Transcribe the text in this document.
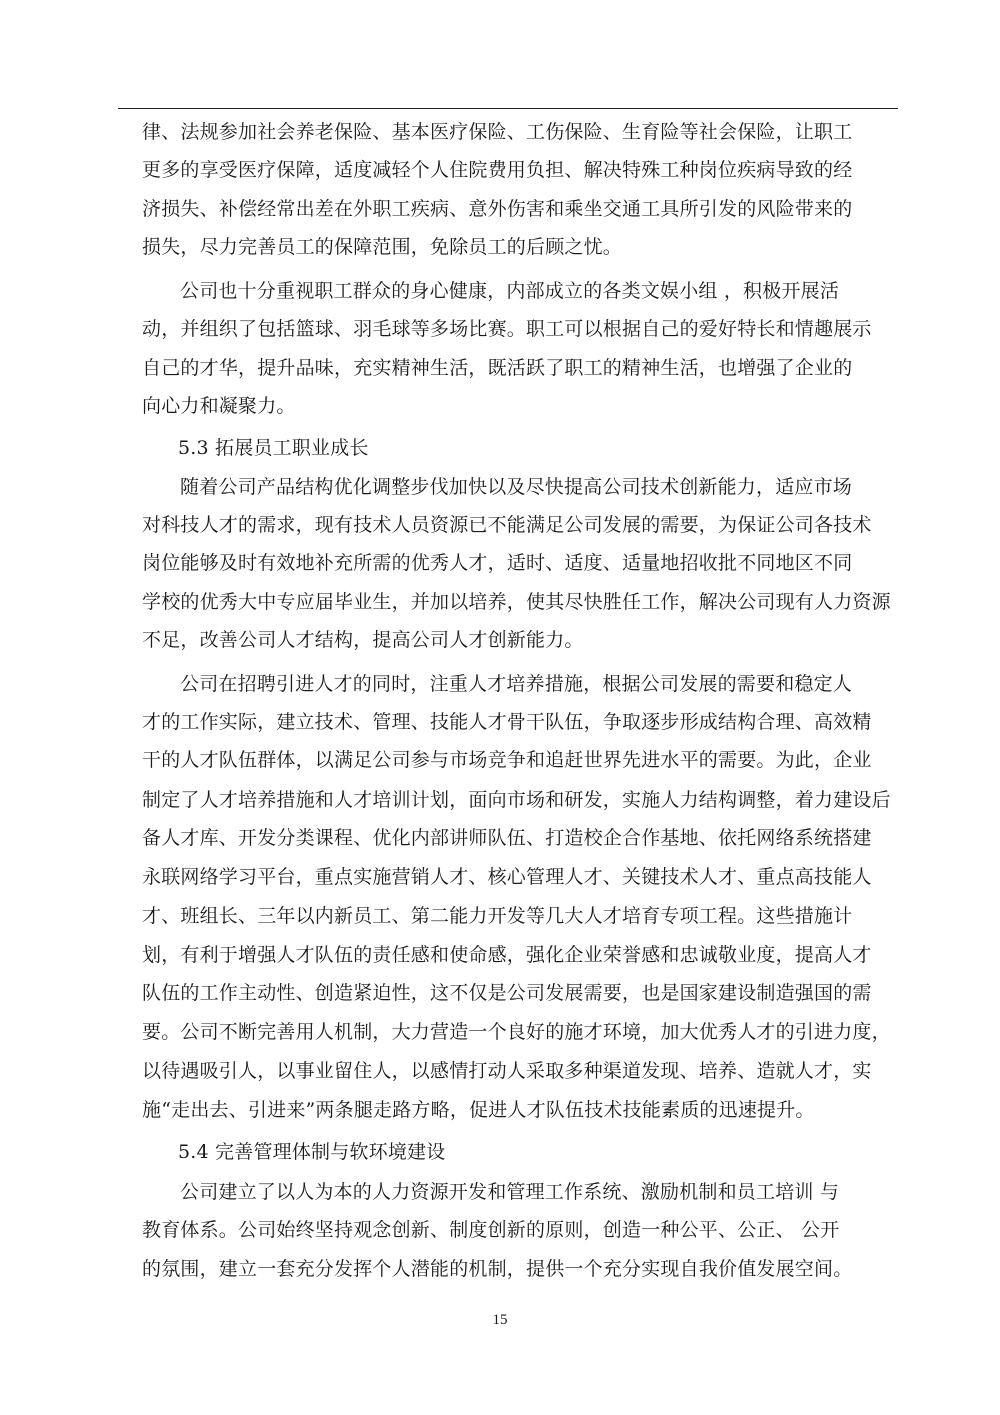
律、法规参加社会养老保险、基本医疗保险、工伤保险、生育险等社会保险，让职工
更多的享受医疗保障，适度减轻个人住院费用负担、解决特殊工种岗位疾病导致的经
济损失、补偿经常出差在外职工疾病、意外伤害和乘坐交通工具所引发的风险带来的
损失，尽力完善员工的保障范围，免除员工的后顾之忧。
公司也十分重视职工群众的身心健康，内部成立的各类文娱小组 ，积极开展活
动，并组织了包括篮球、羽毛球等多场比赛。职工可以根据自己的爱好特长和情趣展示
自己的才华，提升品味，充实精神生活，既活跃了职工的精神生活，也增强了企业的
向心力和凝聚力。
5.3 拓展员工职业成长
随着公司产品结构优化调整步伐加快以及尽快提高公司技术创新能力，适应市场
对科技人才的需求，现有技术人员资源已不能满足公司发展的需要，为保证公司各技术
岗位能够及时有效地补充所需的优秀人才，适时、适度、适量地招收批不同地区不同
学校的优秀大中专应届毕业生，并加以培养，使其尽快胜任工作，解决公司现有人力资源
不足，改善公司人才结构，提高公司人才创新能力。
公司在招聘引进人才的同时，注重人才培养措施，根据公司发展的需要和稳定人
才的工作实际，建立技术、管理、技能人才骨干队伍，争取逐步形成结构合理、高效精
干的人才队伍群体，以满足公司参与市场竞争和追赶世界先进水平的需要。为此，企业
制定了人才培养措施和人才培训计划，面向市场和研发，实施人力结构调整，着力建设后
备人才库、开发分类课程、优化内部讲师队伍、打造校企合作基地、依托网络系统搭建
永联网络学习平台，重点实施营销人才、核心管理人才、关键技术人才、重点高技能人
才、班组长、三年以内新员工、第二能力开发等几大人才培育专项工程。这些措施计
划，有利于增强人才队伍的责任感和使命感，强化企业荣誉感和忠诚敬业度，提高人才
队伍的工作主动性、创造紧迫性，这不仅是公司发展需要，也是国家建设制造强国的需
要。公司不断完善用人机制，大力营造一个良好的施才环境，加大优秀人才的引进力度，
以待遇吸引人，以事业留住人，以感情打动人采取多种渠道发现、培养、造就人才，实
施“走出去、引进来”两条腿走路方略，促进人才队伍技术技能素质的迅速提升。
5.4 完善管理体制与软环境建设
公司建立了以人为本的人力资源开发和管理工作系统、激励机制和员工培训 与
教育体系。公司始终坚持观念创新、制度创新的原则，创造一种公平、公正、 公开
的氛围，建立一套充分发挥个人潜能的机制，提供一个充分实现自我价值发展空间。
15
